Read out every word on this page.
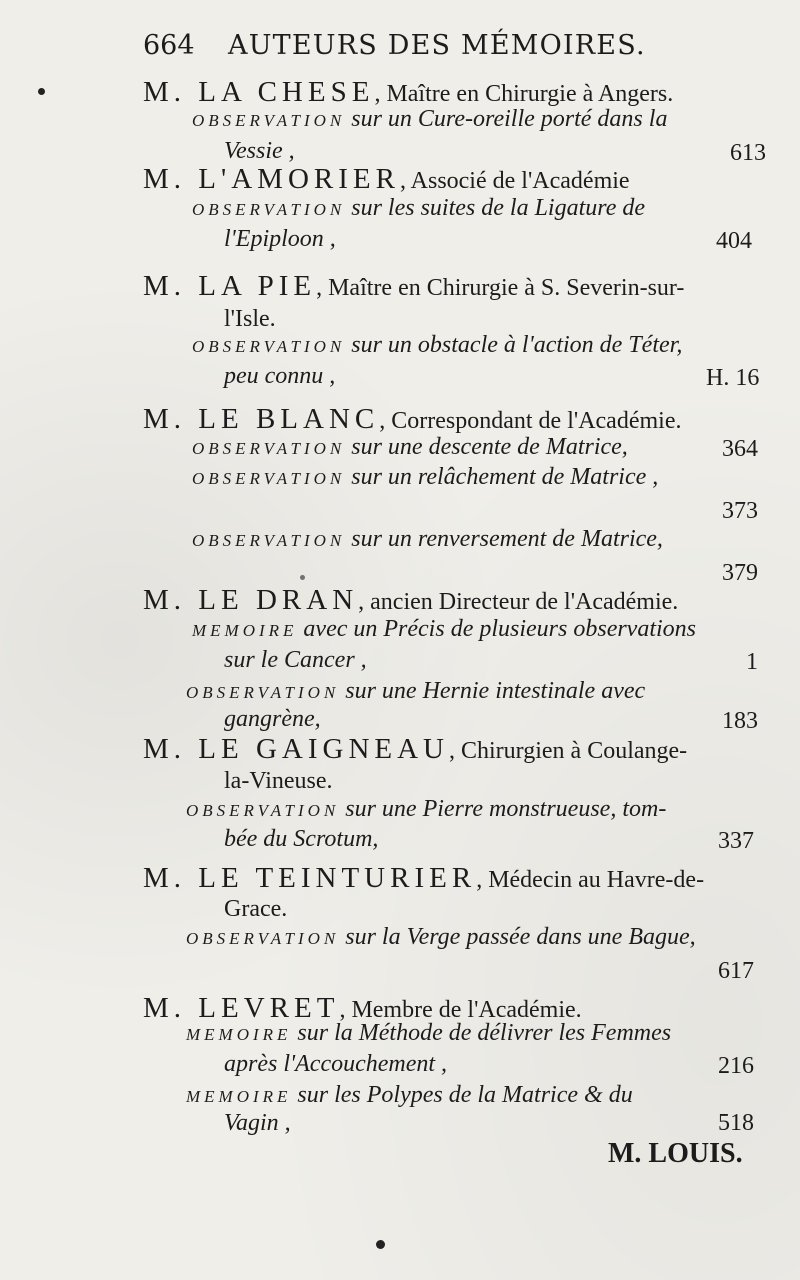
664 AUTEURS DES MÉMOIRES.
M. LA CHESE, Maître en Chirurgie à Angers.
OBSERVATION sur un Cure-oreille porté dans la
Vessie ,	613
M. L'AMORIER, Associé de l'Académie
OBSERVATION sur les suites de la Ligature de
l'Epiploon ,	404
M. LA PIE, Maître en Chirurgie à S. Severin-sur-
l'Isle.
OBSERVATION sur un obstacle à l'action de Téter,
peu connu ,	H. 16
M. LE BLANC, Correspondant de l'Académie.
OBSERVATION sur une descente de Matrice,	364
OBSERVATION sur un relâchement de Matrice ,
373
OBSERVATION sur un renversement de Matrice,
379
M. LE DRAN, ancien Directeur de l'Académie.
MEMOIRE avec un Précis de plusieurs observations
sur le Cancer ,	1
OBSERVATION sur une Hernie intestinale avec
gangrène,	183
M. LE GAIGNEAU, Chirurgien à Coulange-
la-Vineuse.
OBSERVATION sur une Pierre monstrueuse, tom-
bée du Scrotum,	337
M. LE TEINTURIER, Médecin au Havre-de-
Grace.
OBSERVATION sur la Verge passée dans une Bague,
617
M. LEVRET, Membre de l'Académie.
MEMOIRE sur la Méthode de délivrer les Femmes
après l'Accouchement ,	216
MEMOIRE sur les Polypes de la Matrice & du
Vagin ,	518
M. LOUIS.
